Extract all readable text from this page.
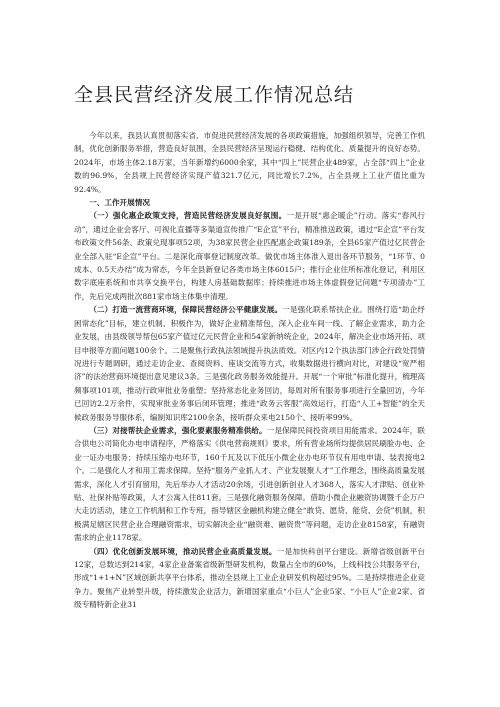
全县民营经济发展工作情况总结

今年以来，我县认真贯彻落实省、市促进民营经济发展的各项政策措施，加强组织领导，完善工作机制，优化创新服务举措，营造良好氛围，全县民营经济呈现运行稳健、结构优化、质量提升的良好态势。2024年，市场主体2.18万家，当年新增约6000余家，其中“四上”民营企业489家，占全部“四上”企业数的96.9%，全县规上民营经济实现产值321.7亿元，同比增长7.2%，占全县规上工业产值比重为92.4%。

一、工作开展情况

（一）强化惠企政策支持，营造民营经济发展良好氛围。一是开展“惠企暖企”行动。落实“春风行动”，通过企业会客厅、可视化直播等多渠道宣传推广“E企宣”平台，精准推送政策，通过“E企宣”平台发布政策文件56条、政策兑现事项52项，为38家民营企业匹配惠企政策189条，全县65家产值过亿民营企业全部入驻“E企宣”平台。二是深化商事登记制度改革。做优市场主体准入退出各环节服务，“1环节、0成本、0.5天办结”成为常态，今年全县新登记各类市场主体6015户；推行企业住所标准化登记，利用区数字底座系统和市共享交换平台，构建人房基础数据库；持续推进市场主体虚假登记问题“专项清办”工作，先后完成两批次881家市场主体集中清理。

（二）打造一流营商环境，保障民营经济公平健康发展。一是强化联系帮扶企业。围绕打造“助企纾困常态化”目标，建立机制、积极作为，做好企业精准帮包，深入企业车间一线、了解企业需求，助力企业发展，由县级领导帮包65家产值过亿元民营企业和54家新纳统企业，2024年，解决企业市场开拓、项目申报等方面问题100余个。二是聚焦行政执法领域提升执法质效。对区内12个执法部门涉企行政处罚情况进行专题调研，通过走访企业、查阅资料、座谈交流等方式，收集数据进行横向对比，对建设“宽严相济”的法治营商环境提出意见建议3条。三是强化政务服务效能提升。开展“一个审批”标准化提升，梳理高频事项101项，推动行政审批业务重塑；坚持常态化业务回访，每周对所有服务事项进行全量回访，今年已回访2.2万余件，实现审批业务事后闭环管理；推进“政务云客服”高效运行，打造“人工+智能”的全天候政务服务导服体系，编制知识库2100余条，接听群众来电2150个、接听率99%。

（三）对接帮扶企业需求，强化要素服务精准供给。一是保障民间投资项目用能需求。2024年，联合供电公司简化办电申请程序，严格落实《供电营商规则》要求，所有营业场所均提供居民刷脸办电、企业一证办电服务；持续压缩办电环节，160千瓦及以下低压小微企业办电环节仅有用电申请、装表接电2个。二是强化人才和用工需求保障。坚持“服务产业抓人才、产业发展聚人才”工作理念，围绕高质量发展需求，深化人才引育留用，先后举办人才活动20余场，引进创新创业人才368人，落实人才津贴、创业补贴、社保补贴等政策，人才公寓入住811套。三是强化融资服务保障。借助小微企业融资协调暨千企万户大走访活动，建立工作机制和工作专班，指导辖区金融机构建立健全“敢贷、愿贷、能贷、会贷”机制，积极满足辖区民营企业合理融资需求，切实解决企业“融资难、融资贵”等问题，走访企业8158家，有融资需求的企业1178家。

（四）优化创新发展环境，推动民营企业高质量发展。一是加快科创平台建设。新增省级创新平台12家，总数达到214家，4家企业备案省级新型研发机构，数量占全市的60%，上线科技公共服务平台，形成“1+1+N”区域创新共享平台体系，推动全县规上工业企业研发机构超过95%。二是持续推进企业竞争力。聚焦产业转型升级，持续激发企业活力，新增国家重点“小巨人”企业5家、“小巨人”企业2家、省级专精特新企业31
